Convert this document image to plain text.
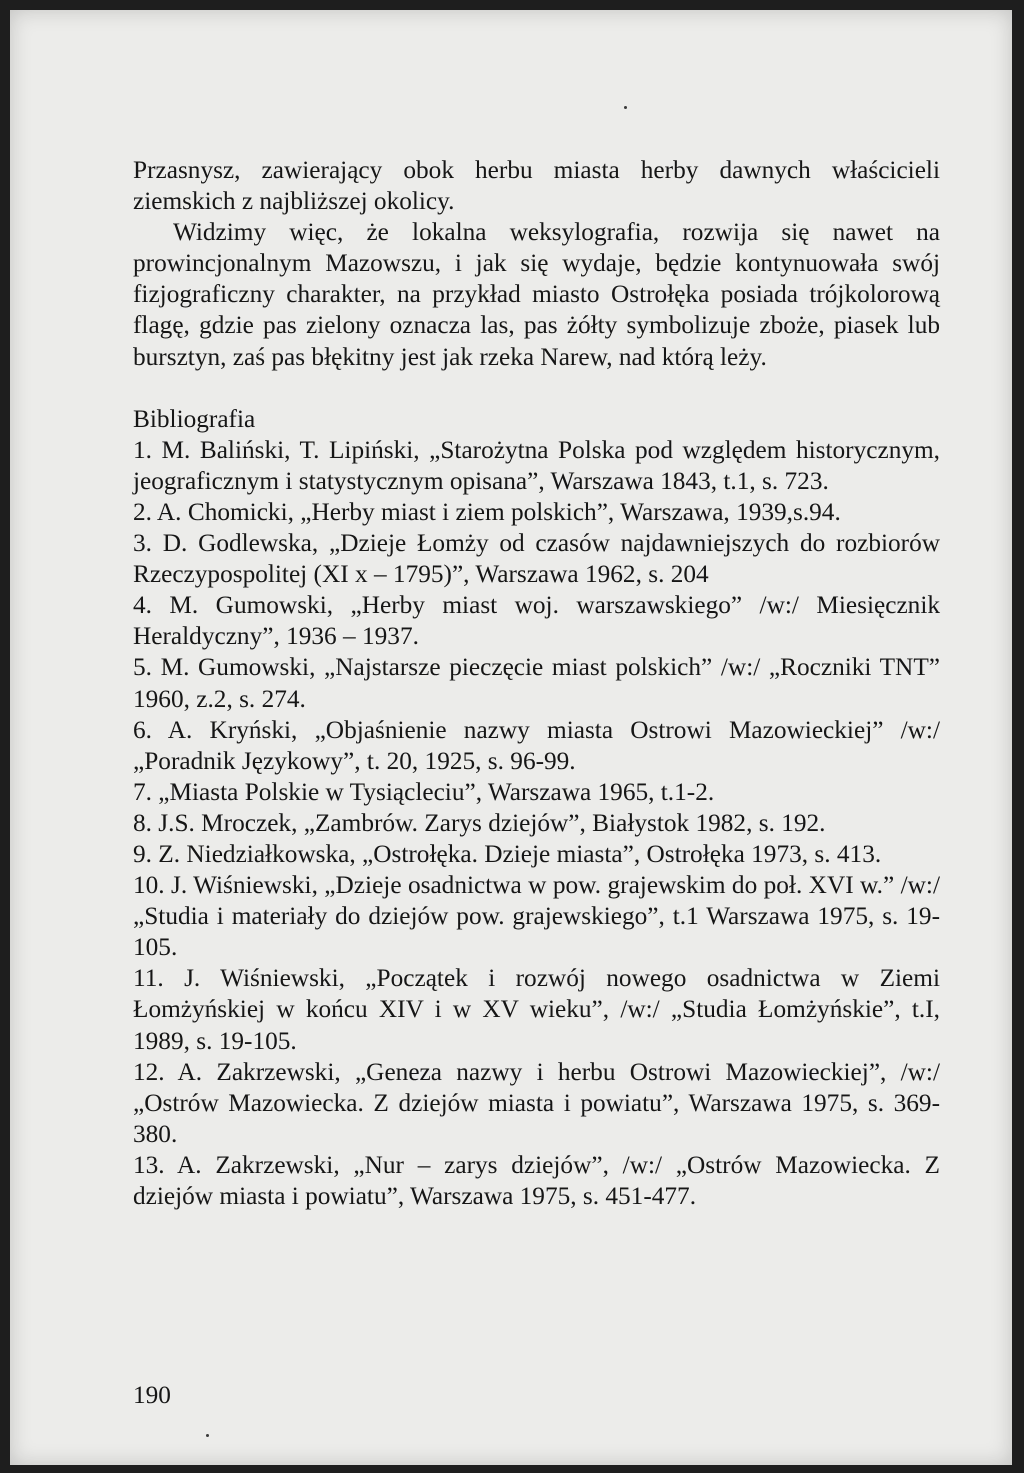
Przasnysz, zawierający obok herbu miasta herby dawnych właścicieli ziemskich z najbliższej okolicy.

Widzimy więc, że lokalna weksylografia, rozwija się nawet na prowincjonalnym Mazowszu, i jak się wydaje, będzie kontynuowała swój fizjograficzny charakter, na przykład miasto Ostrołęka posiada trójkolorową flagę, gdzie pas zielony oznacza las, pas żółty symbolizuje zboże, piasek lub bursztyn, zaś pas błękitny jest jak rzeka Narew, nad którą leży.

Bibliografia

1. M. Baliński, T. Lipiński, „Starożytna Polska pod względem historycznym, jeograficznym i statystycznym opisana”, Warszawa 1843, t.1, s. 723.
2. A. Chomicki, „Herby miast i ziem polskich”, Warszawa, 1939,s.94.
3. D. Godlewska, „Dzieje Łomży od czasów najdawniejszych do rozbiorów Rzeczypospolitej (XI x – 1795)”, Warszawa 1962, s. 204
4. M. Gumowski, „Herby miast woj. warszawskiego” /w:/ Miesięcznik Heraldyczny”, 1936 – 1937.
5. M. Gumowski, „Najstarsze pieczęcie miast polskich” /w:/ „Roczniki TNT” 1960, z.2, s. 274.
6. A. Kryński, „Objaśnienie nazwy miasta Ostrowi Mazowieckiej” /w:/ „Poradnik Językowy”, t. 20, 1925, s. 96-99.
7. „Miasta Polskie w Tysiącleciu”, Warszawa 1965, t.1-2.
8. J.S. Mroczek, „Zambrów. Zarys dziejów”, Białystok 1982, s. 192.
9. Z. Niedziałkowska, „Ostrołęka. Dzieje miasta”, Ostrołęka 1973, s. 413.
10. J. Wiśniewski, „Dzieje osadnictwa w pow. grajewskim do poł. XVI w.” /w:/ „Studia i materiały do dziejów pow. grajewskiego”, t.1 Warszawa 1975, s. 19-105.
11. J. Wiśniewski, „Początek i rozwój nowego osadnictwa w Ziemi Łomżyńskiej w końcu XIV i w XV wieku”, /w:/ „Studia Łomżyńskie”, t.I, 1989, s. 19-105.
12. A. Zakrzewski, „Geneza nazwy i herbu Ostrowi Mazowieckiej”, /w:/ „Ostrów Mazowiecka. Z dziejów miasta i powiatu”, Warszawa 1975, s. 369-380.
13. A. Zakrzewski, „Nur – zarys dziejów”, /w:/ „Ostrów Mazowiecka. Z dziejów miasta i powiatu”, Warszawa 1975, s. 451-477.
190
